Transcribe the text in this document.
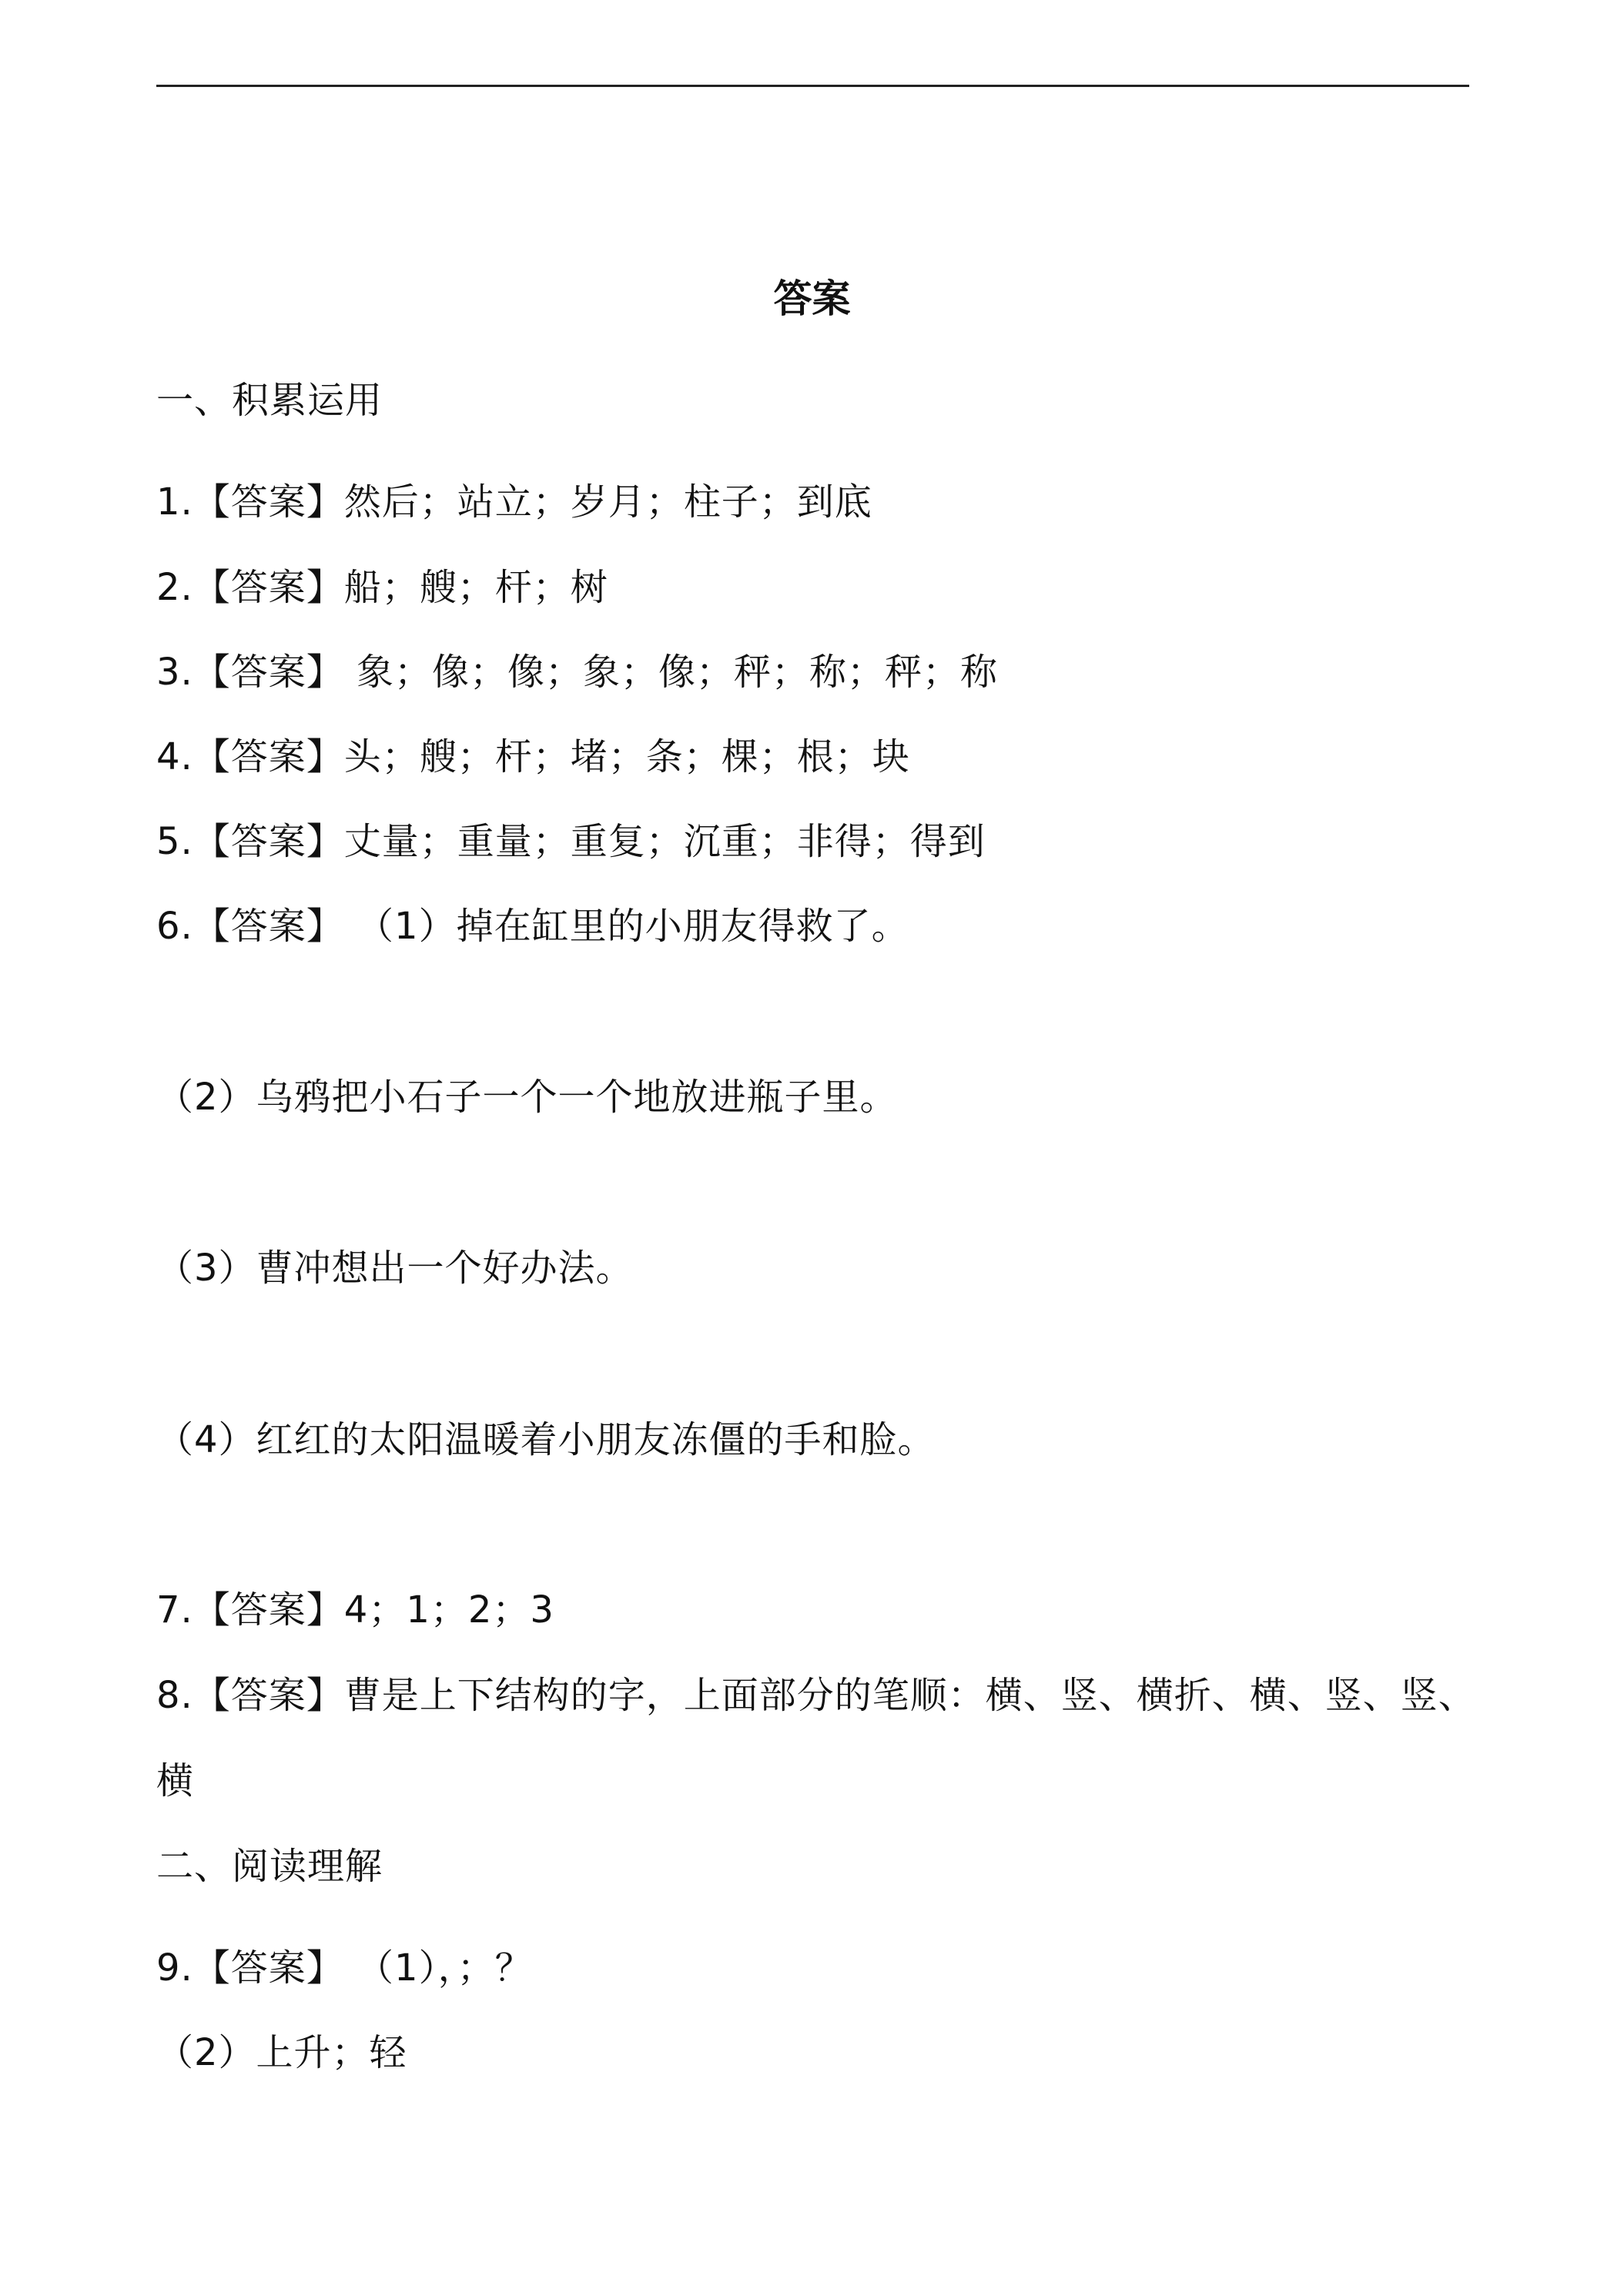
答案
一、积累运用
1.【答案】然后；站立；岁月；柱子；到底
2.【答案】船；艘；杆；树
3.【答案】 象；像；像；象；像；秤；称；秤；称
4.【答案】头；艘；杆；堵；条；棵；根；块
5.【答案】丈量；重量；重复；沉重；非得；得到
6.【答案】 （1）掉在缸里的小朋友得救了。
（2）乌鸦把小石子一个一个地放进瓶子里。
（3）曹冲想出一个好办法。
（4）红红的太阳温暖着小朋友冻僵的手和脸。
7.【答案】4；1；2；3
8.【答案】曹是上下结构的字，上面部分的笔顺：横、竖、横折、横、竖、竖、
横
二、阅读理解
9.【答案】 （1），；？
（2）上升；轻
